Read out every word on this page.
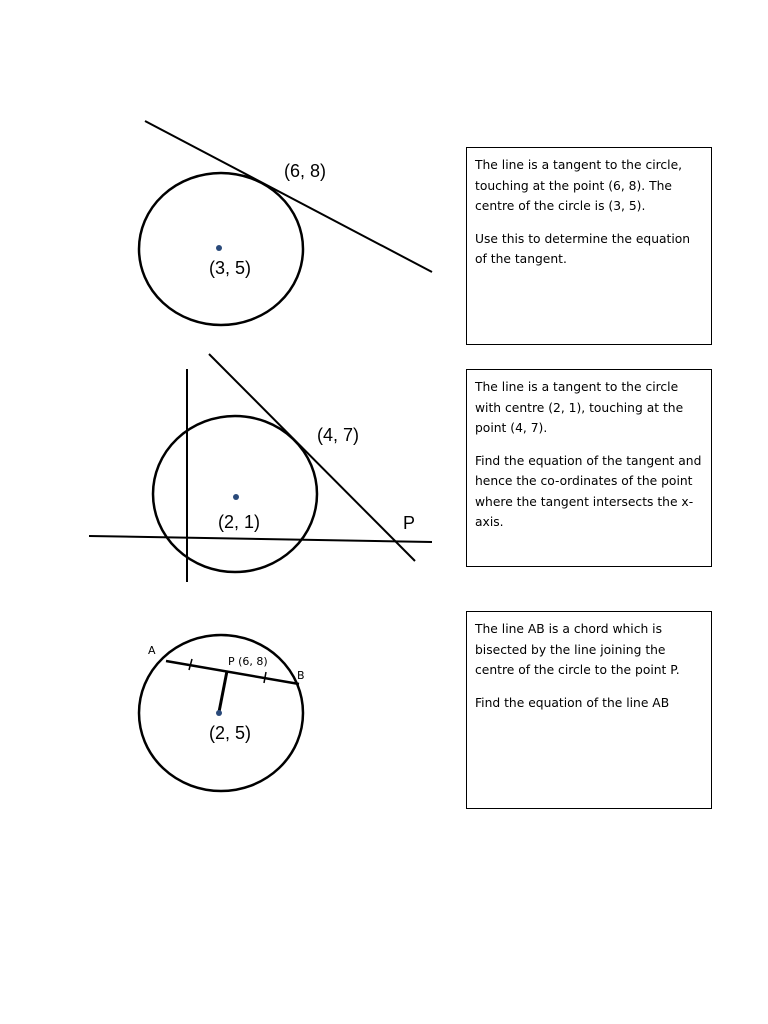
(6, 8)
(3, 5)
(4, 7)
(2, 1)	P
A
B
P (6, 8)
(2, 5)

The line is a tangent to the circle, touching at the point (6, 8). The centre of the circle is (3, 5).

Use this to determine the equation of the tangent.

The line is a tangent to the circle with centre (2, 1), touching at the point (4, 7).

Find the equation of the tangent and hence the co-ordinates of the point where the tangent intersects the x-axis.

The line AB is a chord which is bisected by the line joining the centre of the circle to the point P.

Find the equation of the line AB
